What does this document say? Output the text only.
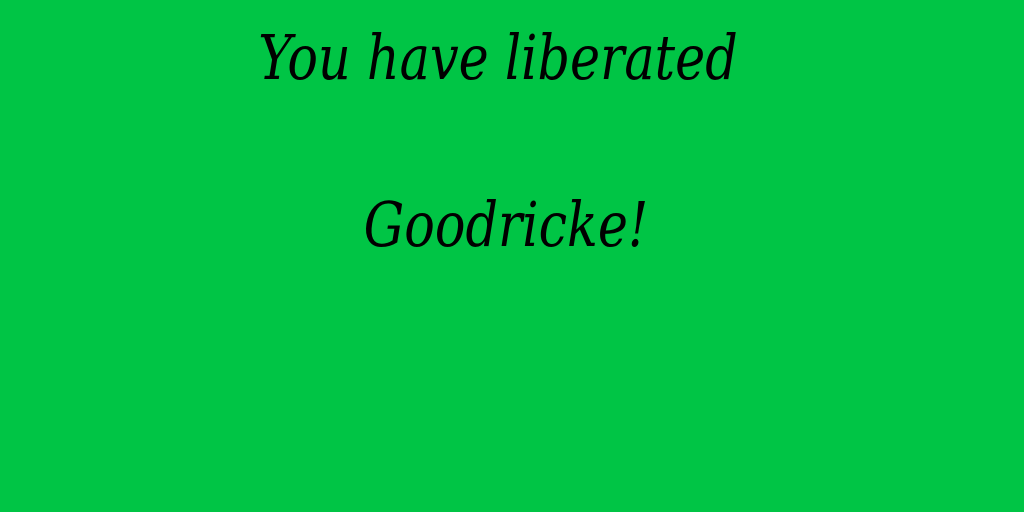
You have liberated
Goodricke!
